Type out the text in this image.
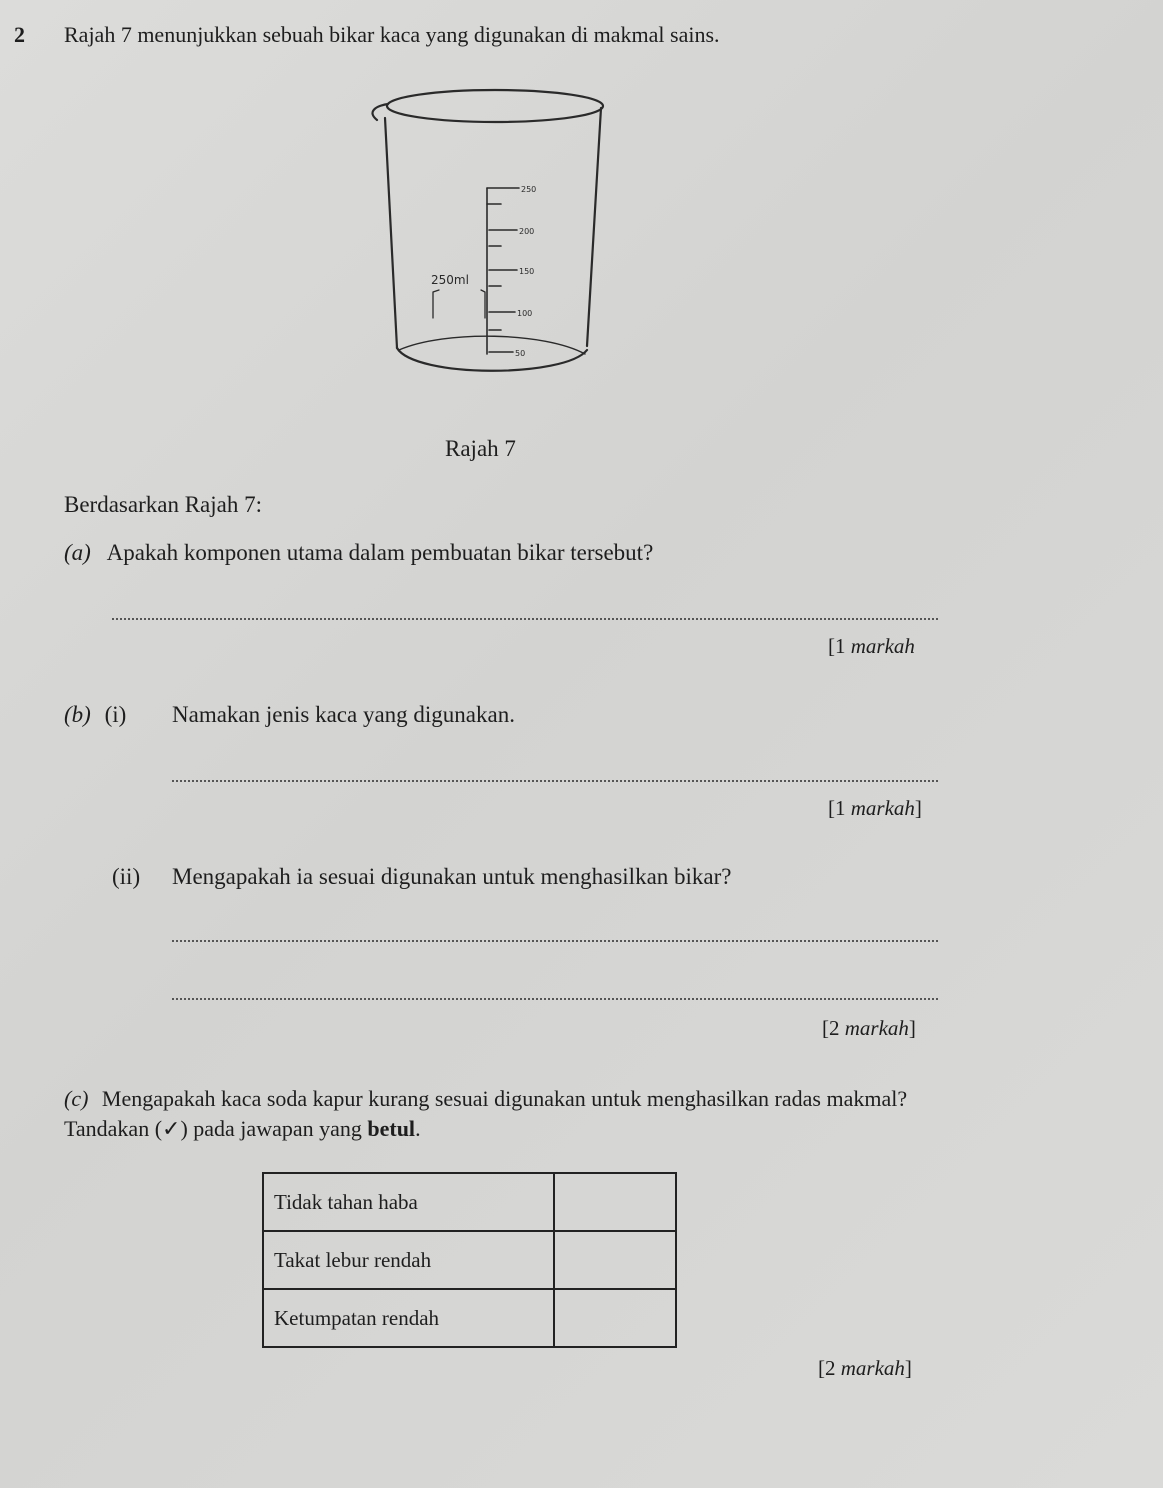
2 Rajah 7 menunjukkan sebuah bikar kaca yang digunakan di makmal sains.
250
200
150
100
50
250ml
Rajah 7
Berdasarkan Rajah 7:
(a) Apakah komponen utama dalam pembuatan bikar tersebut?
[1 markah
(b) (i) Namakan jenis kaca yang digunakan.
[1 markah]
(ii) Mengapakah ia sesuai digunakan untuk menghasilkan bikar?
[2 markah]
(c) Mengapakah kaca soda kapur kurang sesuai digunakan untuk menghasilkan radas makmal? Tandakan (✓) pada jawapan yang betul.
Tidak tahan haba	
Takat lebur rendah	
Ketumpatan rendah	
[2 markah]
